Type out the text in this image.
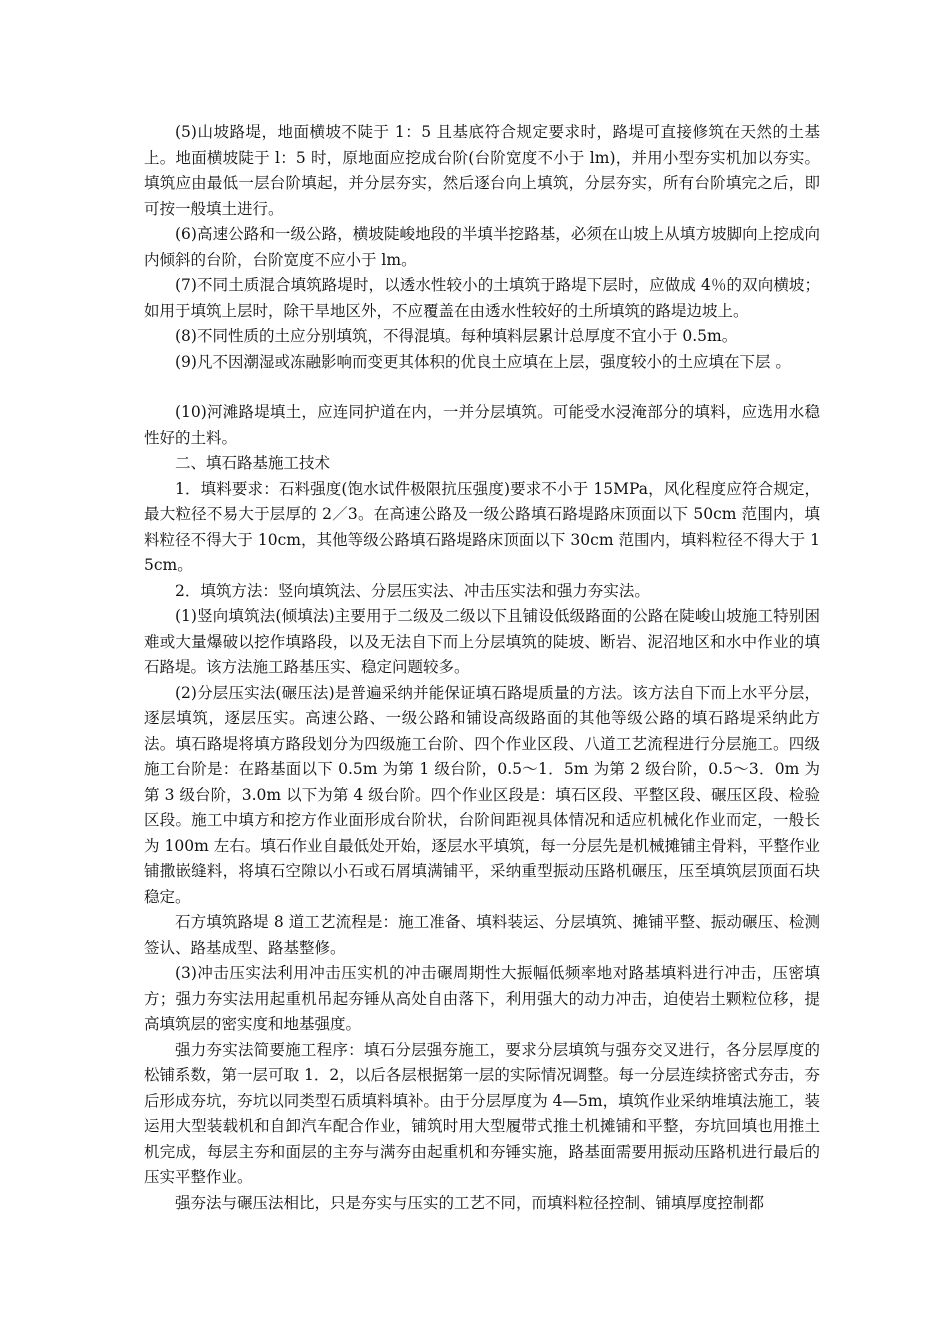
(5)山坡路堤，地面横坡不陡于 1：5 且基底符合规定要求时，路堤可直接修筑在天然的土基上。地面横坡陡于 l：5 时，原地面应挖成台阶(台阶宽度不小于 lm)，并用小型夯实机加以夯实。填筑应由最低一层台阶填起，并分层夯实，然后逐台向上填筑，分层夯实，所有台阶填完之后，即可按一般填土进行。

(6)高速公路和一级公路，横坡陡峻地段的半填半挖路基，必须在山坡上从填方坡脚向上挖成向内倾斜的台阶，台阶宽度不应小于 lm。

(7)不同土质混合填筑路堤时，以透水性较小的土填筑于路堤下层时，应做成 4％的双向横坡；如用于填筑上层时，除干旱地区外，不应覆盖在由透水性较好的土所填筑的路堤边坡上。

(8)不同性质的土应分别填筑，不得混填。每种填料层累计总厚度不宜小于 0.5m。

(9)凡不因潮湿或冻融影响而变更其体积的优良土应填在上层，强度较小的土应填在下层 。

(10)河滩路堤填土，应连同护道在内，一并分层填筑。可能受水浸淹部分的填料，应选用水稳性好的土料。

二、填石路基施工技术

1．填料要求：石料强度(饱水试件极限抗压强度)要求不小于 15MPa，风化程度应符合规定，最大粒径不易大于层厚的 2／3。在高速公路及一级公路填石路堤路床顶面以下 50cm 范围内，填料粒径不得大于 10cm，其他等级公路填石路堤路床顶面以下 30cm 范围内，填料粒径不得大于 15cm。

2．填筑方法：竖向填筑法、分层压实法、冲击压实法和强力夯实法。

(1)竖向填筑法(倾填法)主要用于二级及二级以下且铺设低级路面的公路在陡峻山坡施工特别困难或大量爆破以挖作填路段，以及无法自下而上分层填筑的陡坡、断岩、泥沼地区和水中作业的填石路堤。该方法施工路基压实、稳定问题较多。

(2)分层压实法(碾压法)是普遍采纳并能保证填石路堤质量的方法。该方法自下而上水平分层，逐层填筑，逐层压实。高速公路、一级公路和铺设高级路面的其他等级公路的填石路堤采纳此方法。填石路堤将填方路段划分为四级施工台阶、四个作业区段、八道工艺流程进行分层施工。四级施工台阶是：在路基面以下 0.5m 为第 1 级台阶，0.5～1．5m 为第 2 级台阶，0.5～3．0m 为第 3 级台阶，3.0m 以下为第 4 级台阶。四个作业区段是：填石区段、平整区段、碾压区段、检验区段。施工中填方和挖方作业面形成台阶状，台阶间距视具体情况和适应机械化作业而定，一般长为 100m 左右。填石作业自最低处开始，逐层水平填筑，每一分层先是机械摊铺主骨料，平整作业铺撒嵌缝料，将填石空隙以小石或石屑填满铺平，采纳重型振动压路机碾压，压至填筑层顶面石块稳定。

石方填筑路堤 8 道工艺流程是：施工准备、填料装运、分层填筑、摊铺平整、振动碾压、检测签认、路基成型、路基整修。

(3)冲击压实法利用冲击压实机的冲击碾周期性大振幅低频率地对路基填料进行冲击，压密填方；强力夯实法用起重机吊起夯锤从高处自由落下，利用强大的动力冲击，迫使岩土颗粒位移，提高填筑层的密实度和地基强度。

强力夯实法简要施工程序：填石分层强夯施工，要求分层填筑与强夯交叉进行，各分层厚度的松铺系数，第一层可取 1．2，以后各层根据第一层的实际情况调整。每一分层连续挤密式夯击，夯后形成夯坑，夯坑以同类型石质填料填补。由于分层厚度为 4—5m，填筑作业采纳堆填法施工，装运用大型装载机和自卸汽车配合作业，铺筑时用大型履带式推土机摊铺和平整，夯坑回填也用推土机完成，每层主夯和面层的主夯与满夯由起重机和夯锤实施，路基面需要用振动压路机进行最后的压实平整作业。

强夯法与碾压法相比，只是夯实与压实的工艺不同，而填料粒径控制、铺填厚度控制都
